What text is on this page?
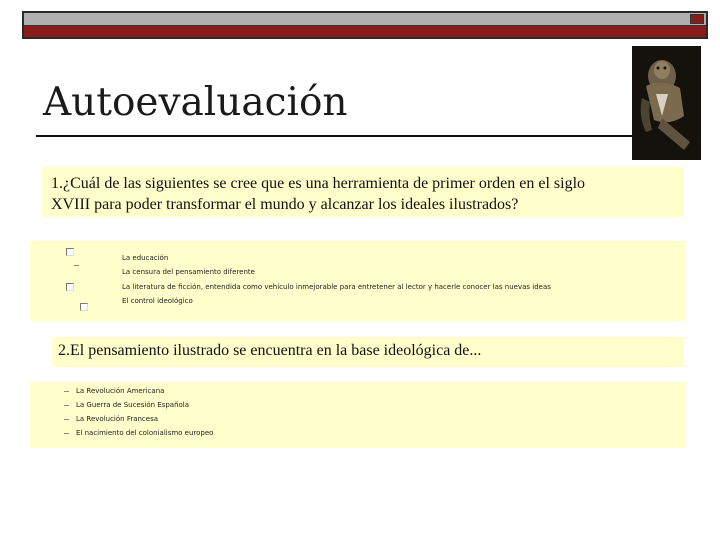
Autoevaluación
1.¿Cuál de las siguientes se cree que es una herramienta de primer orden en el siglo
XVIII para poder transformar el mundo y alcanzar los ideales ilustrados?
La educación
La censura del pensamiento diferente
La literatura de ficción, entendida como vehículo inmejorable para entretener al lector y hacerle conocer las nuevas ideas
El control ideológico
2.El pensamiento ilustrado se encuentra en la base ideológica de...
La Revolución Americana
La Guerra de Sucesión Española
La Revolución Francesa
El nacimiento del colonialismo europeo
